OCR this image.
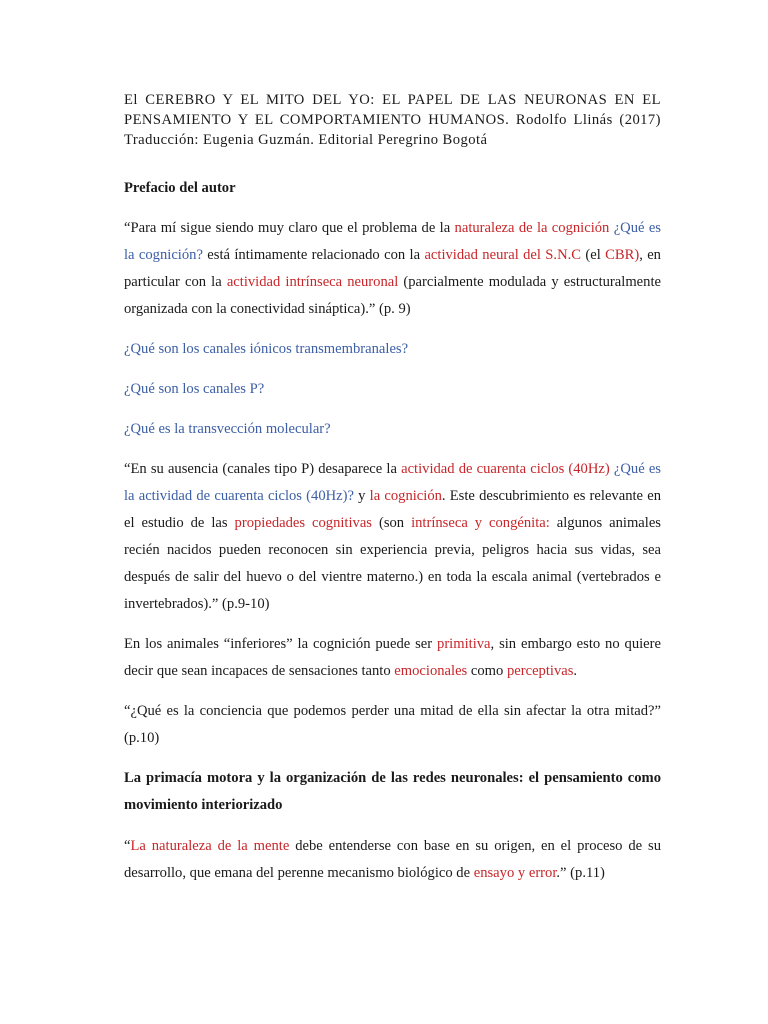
El CEREBRO Y EL MITO DEL YO: EL PAPEL DE LAS NEURONAS EN EL PENSAMIENTO Y EL COMPORTAMIENTO HUMANOS. Rodolfo Llinás (2017) Traducción: Eugenia Guzmán. Editorial Peregrino Bogotá

Prefacio del autor

“Para mí sigue siendo muy claro que el problema de la naturaleza de la cognición ¿Qué es la cognición? está íntimamente relacionado con la actividad neural del S.N.C (el CBR), en particular con la actividad intrínseca neuronal (parcialmente modulada y estructuralmente organizada con la conectividad sináptica).” (p. 9)

¿Qué son los canales iónicos transmembranales?

¿Qué son los canales P?

¿Qué es la transvección molecular?

“En su ausencia (canales tipo P) desaparece la actividad de cuarenta ciclos (40Hz) ¿Qué es la actividad de cuarenta ciclos (40Hz)? y la cognición. Este descubrimiento es relevante en el estudio de las propiedades cognitivas (son intrínseca y congénita: algunos animales recién nacidos pueden reconocen sin experiencia previa, peligros hacia sus vidas, sea después de salir del huevo o del vientre materno.) en toda la escala animal (vertebrados e invertebrados).” (p.9-10)

En los animales “inferiores” la cognición puede ser primitiva, sin embargo esto no quiere decir que sean incapaces de sensaciones tanto emocionales como perceptivas.

“¿Qué es la conciencia que podemos perder una mitad de ella sin afectar la otra mitad?” (p.10)

La primacía motora y la organización de las redes neuronales: el pensamiento como movimiento interiorizado

“La naturaleza de la mente debe entenderse con base en su origen, en el proceso de su desarrollo, que emana del perenne mecanismo biológico de ensayo y error.” (p.11)
